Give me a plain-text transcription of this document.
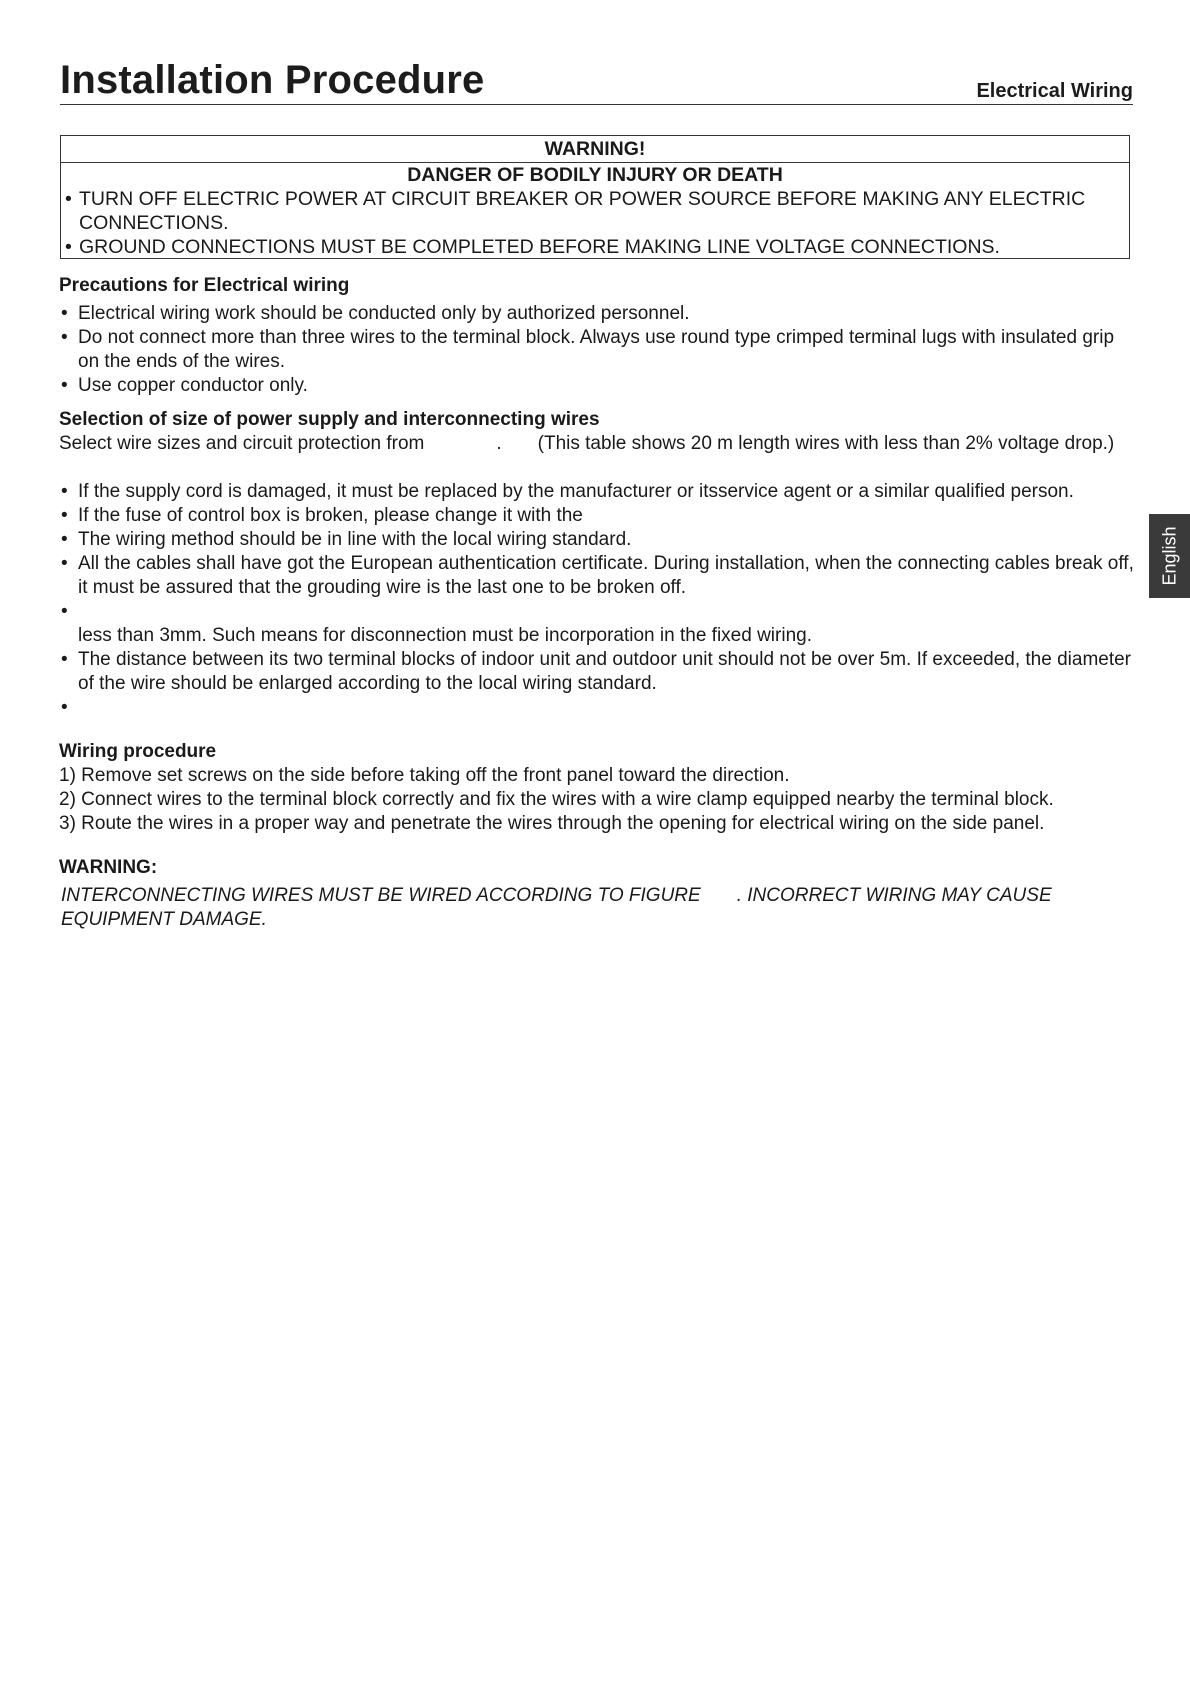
Installation Procedure	Electrical Wiring
WARNING!
DANGER OF BODILY INJURY OR DEATH
• TURN OFF ELECTRIC POWER AT CIRCUIT BREAKER OR POWER SOURCE BEFORE MAKING ANY ELECTRIC CONNECTIONS.
• GROUND CONNECTIONS MUST BE COMPLETED BEFORE MAKING LINE VOLTAGE CONNECTIONS.

Precautions for Electrical wiring

• Electrical wiring work should be conducted only by authorized personnel.
• Do not connect more than three wires to the terminal block. Always use round type crimped terminal lugs with insulated grip on the ends of the wires.
• Use copper conductor only.

Selection of size of power supply and interconnecting wires

Select wire sizes and circuit protection from	. (This table shows 20 m length wires with less than 2% voltage drop.)

• If the supply cord is damaged, it must be replaced by the manufacturer or itsservice agent or a similar qualified person.
• If the fuse of control box is broken, please change it with the
• The wiring method should be in line with the local wiring standard.
• All the cables shall have got the European authentication certificate. During installation, when the connecting cables break off, it must be assured that the grouding wire is the last one to be broken off.
•

less than 3mm. Such means for disconnection must be incorporation in the fixed wiring.
• The distance between its two terminal blocks of indoor unit and outdoor unit should not be over 5m. If exceeded, the diameter of the wire should be enlarged according to the local wiring standard.
•

Wiring procedure

1) Remove set screws on the side before taking off the front panel toward the direction.

2) Connect wires to the terminal block correctly and fix the wires with a wire clamp equipped nearby the terminal block.

3) Route the wires in a proper way and penetrate the wires through the opening for electrical wiring on the side panel.

WARNING:

INTERCONNECTING WIRES MUST BE WIRED ACCORDING TO FIGURE . INCORRECT WIRING MAY CAUSE EQUIPMENT DAMAGE.

English
